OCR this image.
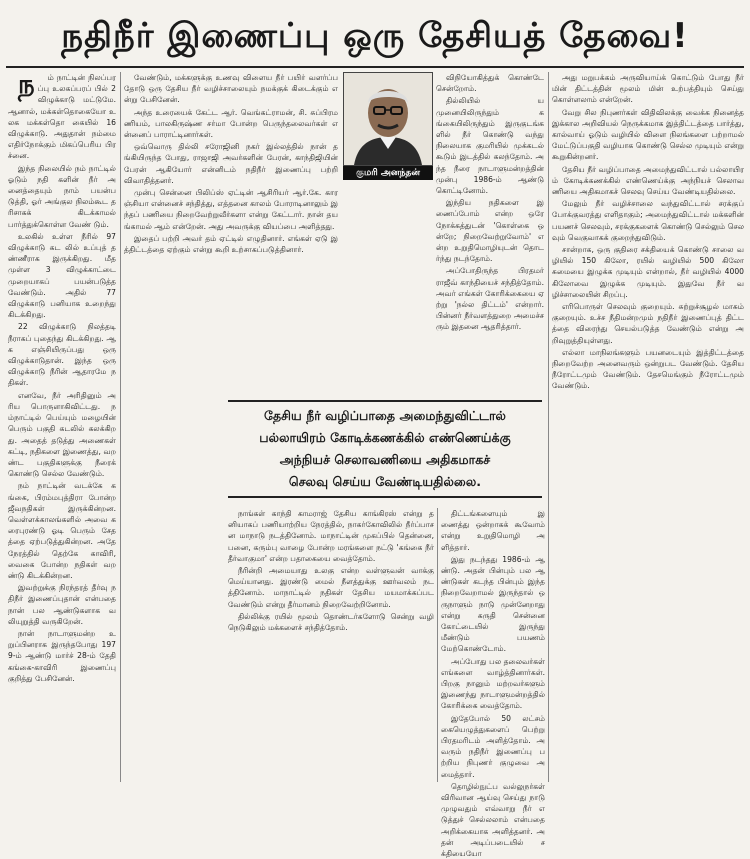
நதிநீர் இணைப்பு ஒரு தேசியத் தேவை!

ந ம் நாட்டின் நிலப்பரப்பு உலகப்பரப் பில் 2 விழுக்காடு மட்டுமே. ஆனால், மக்கள்தொகையோ உலக மக்கள்தொ கையில் 16 விழுக்காடு. அதுதான் நம்மை எதிர்நோக்கும் மிகப்பெரிய பிரச்னை.

இந்த நிலையில் நம் நாட்டில் ஓடும் நதி களின் நீர் அனைத்தையும் நாம் பயன்ப டுத்தி, ஓர் அங்குல நிலம்கூட தரிசாகக் கிடக்காமல் பார்த்துக்கொள்ள வேண் டும்.

உலகில் உள்ள நீரில் 97 விழுக்காடு கட லில் உப்புத் தண்ணீராக இருக்கிறது. மீத முள்ள 3 விழுக்காட்டை முறையாகப் பயன்படுத்த வேண்டும். அதில் 77 விழுக்காடு பனியாக உறைந்து கிடக்கிறது.

22 விழுக்காடு நிலத்தடி நீராகப் புதைந்து கிடக்கிறது. ஆக எஞ்சியிருப்பது ஒரு விழுக்காடுதான். இந்த ஒரு விழுக்காடு நீரின் ஆதாரமே நதிகள்.

எனவே, நீர் அரிதினும் அரிய பொருளாகிவிட்டது. நம்நாட்டில் பெய்யும் மழையின் பெரும் பகுதி கடலில் கலக்கிறது. அதைத் தடுத்து அணைகள் கட்டி, நதிகளை இணைத்து, வறண்ட பகுதிகளுக்கு நீரைக் கொண்டு செல்ல வேண்டும்.

நம் நாட்டின் வடக்கே கங்கை, பிரம்மபுத்திரா போன்ற ஜீவநதிகள் இருக்கின்றன. வெள்ளக்காலங்களில் அவை கரைபுரண்டு ஓடி பெரும் சேதத்தை ஏற்படுத்துகின்றன. அதே நேரத்தில் தெற்கே காவிரி, வைகை போன்ற நதிகள் வறண்டு கிடக்கின்றன.

இவற்றுக்கு நிரந்தரத் தீர்வு நதிநீர் இணைப்புதான் என்பதை நான் பல ஆண்டுகளாக வலியுறுத்தி வருகிறேன்.

நான் நாடாளுமன்ற உறுப்பினராக இருந்தபோது 1979-ம் ஆண்டு மார்ச் 28-ம் தேதி கங்கை-காவிரி இணைப்பு குறித்து பேசினேன்.

வேண்டும், மக்களுக்கு உணவு விளைய நீர் பயிர் வளர்ப்பதோடு ஒரு தேசிய நீர் வழிச்சாலையும் நமக்குக் கிடைக்கும் என்று பேசினேன்.

அந்த உரையைக் கேட்ட ஆர். வெங்கட்ராமன், சி. சுப்பிரமணியம், பாலகிருஷ்ண சர்மா போன்ற பெருந்தலைவர்கள் என்னைப் பாராட்டினார்கள்.

ஒவ்வொரு தில்லி சரோஜினி நகர் இல்லத்தில் நான் தங்கியிருந்த போது, ராஜாஜி அவர்களின் பேரன், காந்திஜியின் பேரன் ஆகியோர் என்னிடம் நதிநீர் இணைப்பு பற்றி விவாதித்தனர்.

முன்பு சென்னை பிலிப்ஸ் ஏட்டின் ஆசிரியர் ஆர்.கே. காரஞ்சியா என்னைச் சந்தித்து, எத்தனை காலம் போராடினாலும் இந்தப் பணியை நிறைவேற்றுவீர்களா என்று கேட்டார். நான் தயங்காமல் ஆம் என்றேன். அது அவருக்கு வியப்பை அளித்தது.

இதைப் பற்றி அவர் தம் ஏட்டில் எழுதினார். எங்கள் ஏடு இத்திட்டத்தை ஏற்கும் என்று கூறி உற்சாகப்படுத்தினார்.

குமரி அனந்தன்

விநியோகித்துக் கொண்டே சென்றோம்.

தில்லியில் யமுனையிலிருந்தும் கங்கையிலிருந்தும் இருகுடங்களில் நீர் கொண்டு வந்து நிலையாக குமரியில் முக்கடல் கூடும் இடத்தில் கலந்தோம். அந்த நீரை நாடாளுமன்றத்தின் முன்பு 1986-ம் ஆண்டு கொட்டினோம்.

இந்திய நதிகளை இணைப்போம் என்ற ஒரே நோக்கத்துடன் 'கொள்கை ஒன்றே; நிறைவேற்றுவோம்' என்ற உறுதிமொழியுடன் தொடர்ந்து நடந்தோம்.

அப்போதிருந்த பிரதமர் ராஜீவ் காந்தியைச் சந்தித்தோம். அவர் எங்கள் கோரிக்கையை ஏற்று 'நல்ல திட்டம்' என்றார். பின்னர் நீர்வளத்துறை அமைச்சரும் இதனை ஆதரித்தார்.

அது மறுபக்கம் அருவியாய்க் கொட்டும் போது நீர் மின் திட்டத்தின் மூலம் மின் உற்பத்தியும் செய்து கொள்ளலாம் என்றேன்.

வேறு சில நிபுணர்கள் விதிவிலக்கு வைக்க நினைத்த இக்கால அறிவியல் நெருக்கமாக இத்திட்டத்தை பார்த்து, கால்வாய் ஓடும் வழியில் விளை நிலங்களை பற்றாமல் மேட்டுப்பகுதி வழியாக கொண்டு செல்ல முடியும் என்று கூறுகின்றனர்.

தேசிய நீர் வழிப்பாதை அமைந்துவிட்டால் பல்லாயிரம் கோடிக்கணக்கில் எண்ணெய்க்கு அந்நியச் செலாவணியை அதிகமாகச் செலவு செய்ய வேண்டியதில்லை.

மேலும் நீர் வழிச்சாலை வந்துவிட்டால் சரக்குப் போக்குவரத்து எளிதாகும்; அமைந்துவிட்டால் மக்களின் பயணச் செலவும், சரக்குகளைக் கொண்டு செல்லும் செலவும் வெகுவாகக் குறைந்துவிடும்.

சான்றாக, ஒரு குதிரை சக்தியைக் கொண்டு சாலை வழியில் 150 கிலோ, ரயில் வழியில் 500 கிலோ சுமையை இழுக்க முடியும் என்றால், நீர் வழியில் 4000 கிலோவை இழுக்க முடியும். இதுவே நீர் வழிச்சாலையின் சிறப்பு.

எரிபொருள் செலவும் குறையும். சுற்றுச்சூழல் மாசும் குறையும். உச்ச நீதிமன்றமும் நதிநீர் இணைப்புத் திட்டத்தை விரைந்து செயல்படுத்த வேண்டும் என்று அறிவுறுத்தியுள்ளது.

எல்லா மாநிலங்களும் பயனடையும் இத்திட்டத்தை நிறைவேற்ற அனைவரும் ஒன்றுபட வேண்டும். தேசிய நீரோட்டமும் வேண்டும். தேசமெங்கும் நீரோட்டமும் வேண்டும்.

தேசிய நீர் வழிப்பாதை அமைந்துவிட்டால்
பல்லாயிரம் கோடிக்கணக்கில் எண்ணெய்க்கு
அந்நியச் செலாவணியை அதிகமாகச்
செலவு செய்ய வேண்டியதில்லை.

நாங்கள் காந்தி காமராஜ் தேசிய காங்கிரஸ் என்று தனியாகப் பணியாற்றிய நேரத்தில், நாகர்கோவிலில் நீர்ப்பாசன மாநாடு நடத்தினோம். மாநாட்டின் முகப்பில் தென்னை, பனை, கரும்பு வாழை போன்ற மரங்களை நட்டு 'கங்கை நீர் தீர்வாகுமா' என்ற பதாகையை வைத்தோம்.

நீரின்றி அமையாது உலகு என்ற வள்ளுவன் வாக்கு மெய்யானது. இரண்டு மைல் நீளத்துக்கு ஊர்வலம் நடத்தினோம். மாநாட்டில் நதிகள் தேசிய மயமாக்கப்பட வேண்டும் என்று தீர்மானம் நிறைவேற்றினோம்.

தில்லிக்கு ரயில் மூலம் தொண்டர்களோடு சென்று வழி நெடுகிலும் மக்களைச் சந்தித்தோம்.

திட்டங்களையும் இணைத்து ஒன்றாகக் கூவோம் என்று உறுதிமொழி அளித்தார்.

இது நடந்தது 1986-ம் ஆண்டு. அதன் பின்பும் பல ஆண்டுகள் கடந்த பின்பும் இந்த நிறைவேறாமல் இருந்தால் ஒருநாளும் நாடு முன்னேறாது என்று கருதி சென்னை கோட்டையில் இருந்து மீண்டும் பயணம் மேற்கொண்டோம்.

அப்போது பல தலைவர்கள் எங்களை வாழ்த்தினார்கள். பிறகு நானும் மற்றவர்களும் இணைந்து நாடாளுமன்றத்தில் கோரிக்கை வைத்தோம்.

இதேபோல் 50 லட்சம் கையெழுத்துகளைப் பெற்று பிரதமரிடம் அளித்தோம். அவரும் நதிநீர் இணைப்பு பற்றிய நிபுணர் குழுவை அமைத்தார்.

தொழில்நுட்ப வல்லுநர்கள் விரிவான ஆய்வு செய்து நாடு முழுவதும் எவ்வாறு நீர் எடுத்துச் செல்லலாம் என்பதை அறிக்கையாக அளித்தனர். அதன் அடிப்படையில் சக்தியையோ
